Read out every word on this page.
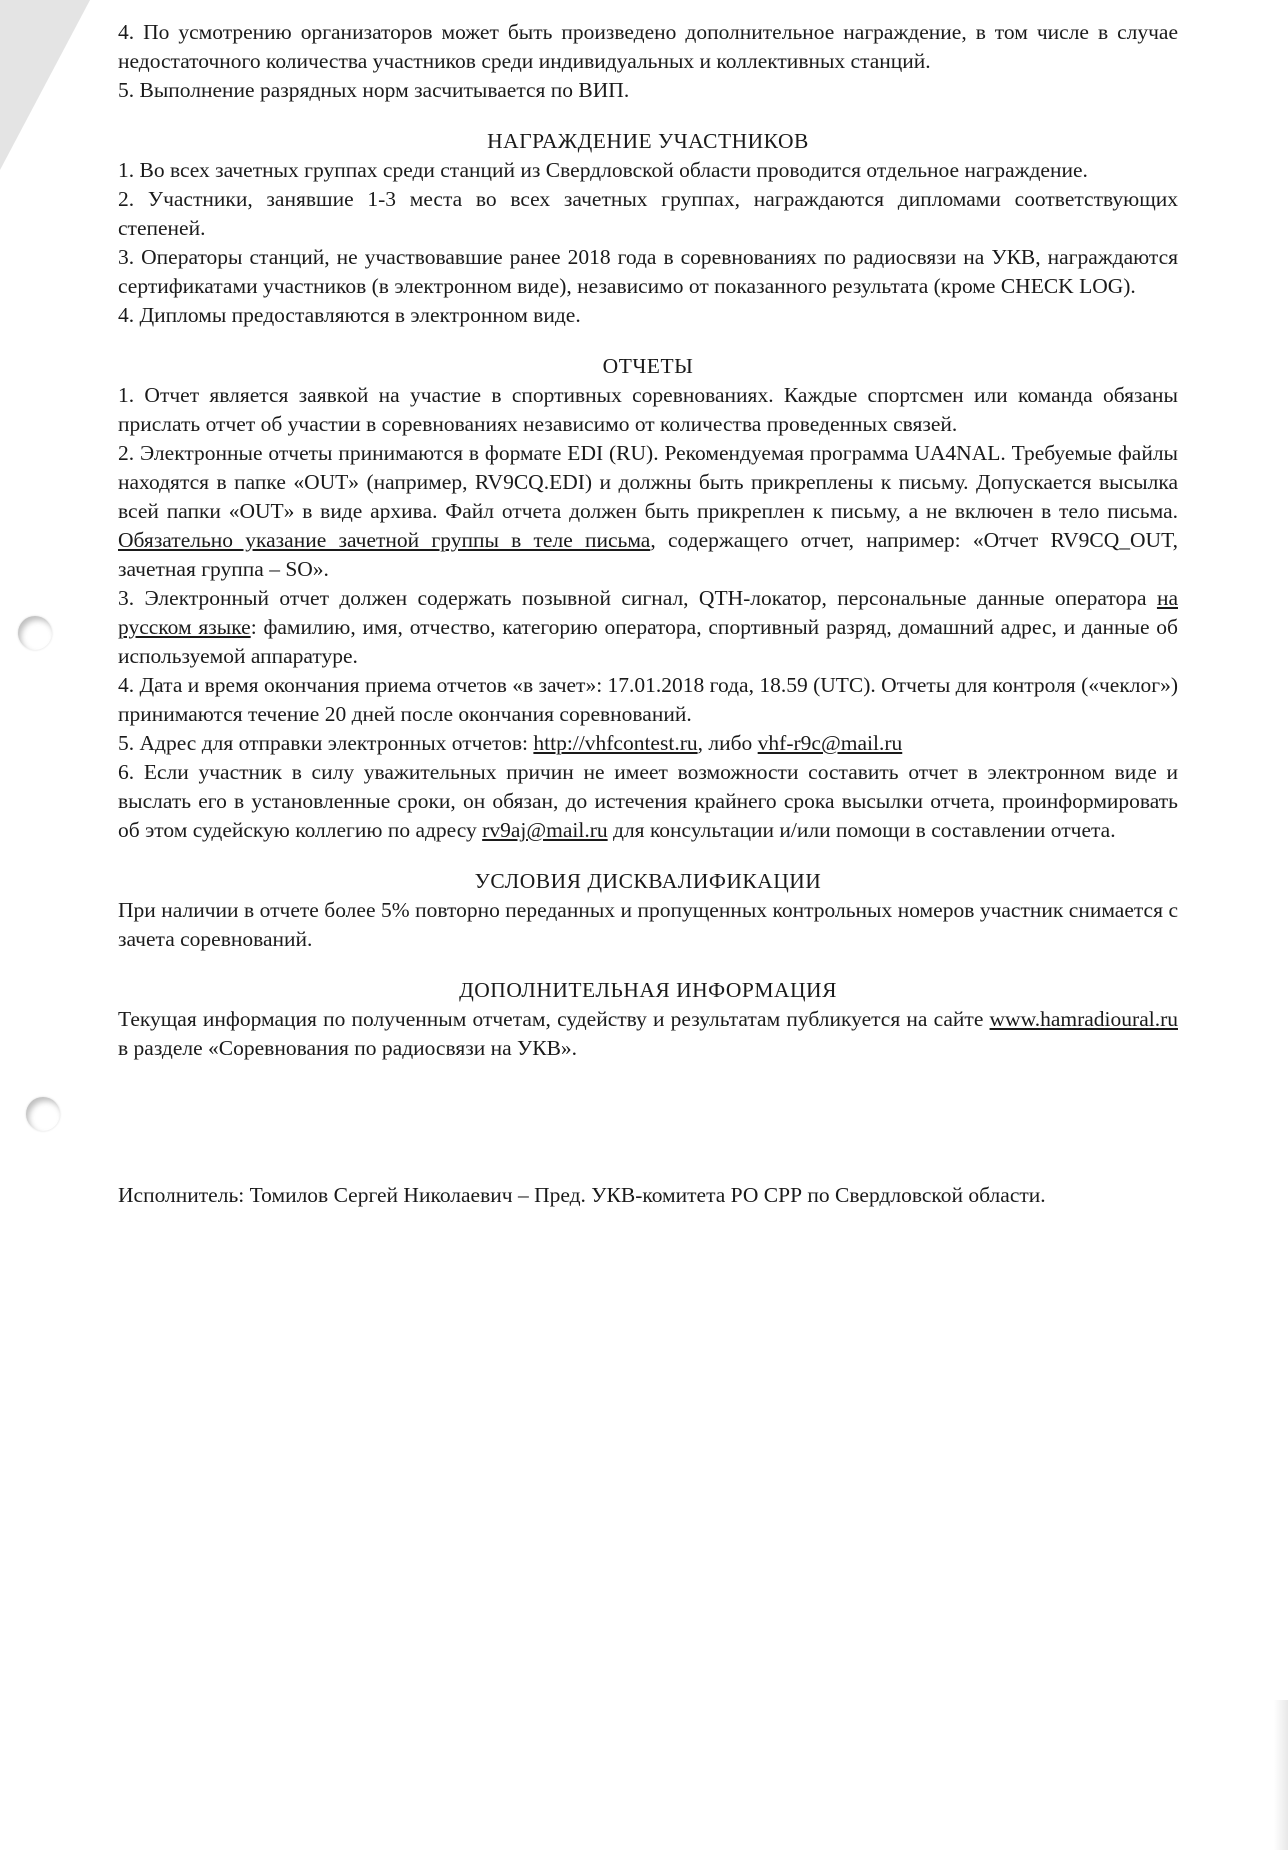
4. По усмотрению организаторов может быть произведено дополнительное награждение, в том числе в случае недостаточного количества участников среди индивидуальных и коллективных станций.

5. Выполнение разрядных норм засчитывается по ВИП.

НАГРАЖДЕНИЕ УЧАСТНИКОВ

1. Во всех зачетных группах среди станций из Свердловской области проводится отдельное награждение.

2. Участники, занявшие 1-3 места во всех зачетных группах, награждаются дипломами соответствующих степеней.

3. Операторы станций, не участвовавшие ранее 2018 года в соревнованиях по радиосвязи на УКВ, награждаются сертификатами участников (в электронном виде), независимо от показанного результата (кроме CHECK LOG).

4. Дипломы предоставляются в электронном виде.

ОТЧЕТЫ

1. Отчет является заявкой на участие в спортивных соревнованиях. Каждые спортсмен или команда обязаны прислать отчет об участии в соревнованиях независимо от количества проведенных связей.

2. Электронные отчеты принимаются в формате EDI (RU). Рекомендуемая программа UA4NAL. Требуемые файлы находятся в папке «OUT» (например, RV9CQ.EDI) и должны быть прикреплены к письму. Допускается высылка всей папки «OUT» в виде архива. Файл отчета должен быть прикреплен к письму, а не включен в тело письма. Обязательно указание зачетной группы в теле письма, содержащего отчет, например: «Отчет RV9CQ_OUT, зачетная группа – SO».

3. Электронный отчет должен содержать позывной сигнал, QTH-локатор, персональные данные оператора на русском языке: фамилию, имя, отчество, категорию оператора, спортивный разряд, домашний адрес, и данные об используемой аппаратуре.

4. Дата и время окончания приема отчетов «в зачет»: 17.01.2018 года, 18.59 (UTC). Отчеты для контроля («чеклог») принимаются течение 20 дней после окончания соревнований.

5. Адрес для отправки электронных отчетов: http://vhfcontest.ru, либо vhf-r9c@mail.ru

6. Если участник в силу уважительных причин не имеет возможности составить отчет в электронном виде и выслать его в установленные сроки, он обязан, до истечения крайнего срока высылки отчета, проинформировать об этом судейскую коллегию по адресу rv9aj@mail.ru для консультации и/или помощи в составлении отчета.

УСЛОВИЯ ДИСКВАЛИФИКАЦИИ

При наличии в отчете более 5% повторно переданных и пропущенных контрольных номеров участник снимается с зачета соревнований.

ДОПОЛНИТЕЛЬНАЯ ИНФОРМАЦИЯ

Текущая информация по полученным отчетам, судейству и результатам публикуется на сайте www.hamradioural.ru в разделе «Соревнования по радиосвязи на УКВ».

Исполнитель: Томилов Сергей Николаевич – Пред. УКВ-комитета РО СРР по Свердловской области.
